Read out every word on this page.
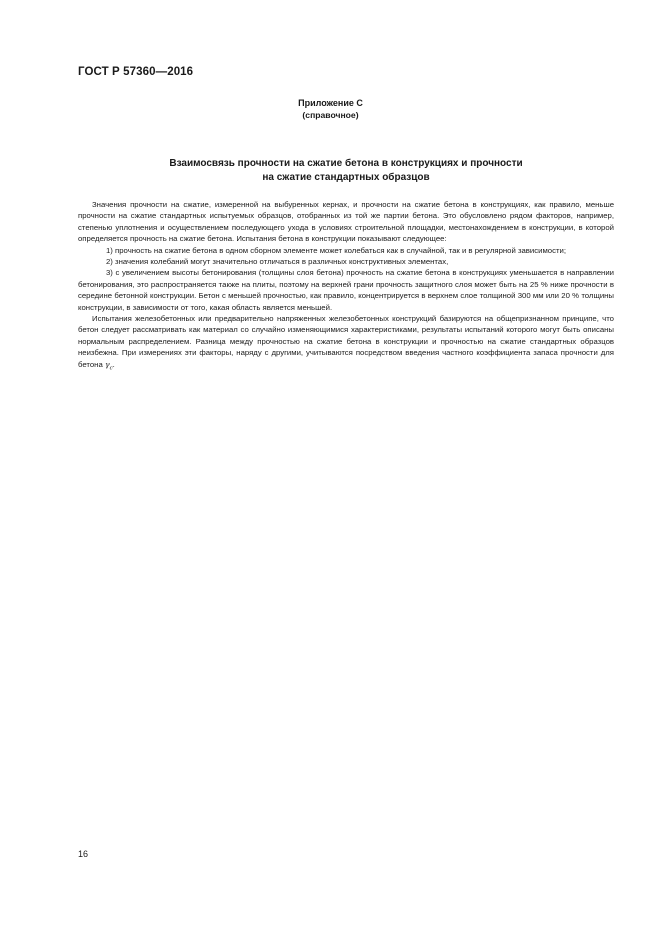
ГОСТ Р 57360—2016
Приложение С
(справочное)
Взаимосвязь прочности на сжатие бетона в конструкциях и прочности
на сжатие стандартных образцов

Значения прочности на сжатие, измеренной на выбуренных кернах, и прочности на сжатие бетона в конструкциях, как правило, меньше прочности на сжатие стандартных испытуемых образцов, отобранных из той же партии бетона. Это обусловлено рядом факторов, например, степенью уплотнения и осуществлением последующего ухода в условиях строительной площадки, местонахождением в конструкции, в которой определяется прочность на сжатие бетона. Испытания бетона в конструкции показывают следующее:

1) прочность на сжатие бетона в одном сборном элементе может колебаться как в случайной, так и в регулярной зависимости;

2) значения колебаний могут значительно отличаться в различных конструктивных элементах,

3) с увеличением высоты бетонирования (толщины слоя бетона) прочность на сжатие бетона в конструкциях уменьшается в направлении бетонирования, это распространяется также на плиты, поэтому на верхней грани прочность защитного слоя может быть на 25 % ниже прочности в середине бетонной конструкции. Бетон с меньшей прочностью, как правило, концентрируется в верхнем слое толщиной 300 мм или 20 % толщины конструкции, в зависимости от того, какая область является меньшей.

Испытания железобетонных или предварительно напряженных железобетонных конструкций базируются на общепризнанном принципе, что бетон следует рассматривать как материал со случайно изменяющимися характеристиками, результаты испытаний которого могут быть описаны нормальным распределением. Разница между прочностью на сжатие бетона в конструкции и прочностью на сжатие стандартных образцов неизбежна. При измерениях эти факторы, наряду с другими, учитываются посредством введения частного коэффициента запаса прочности для бетона $\gamma_c$.

16
